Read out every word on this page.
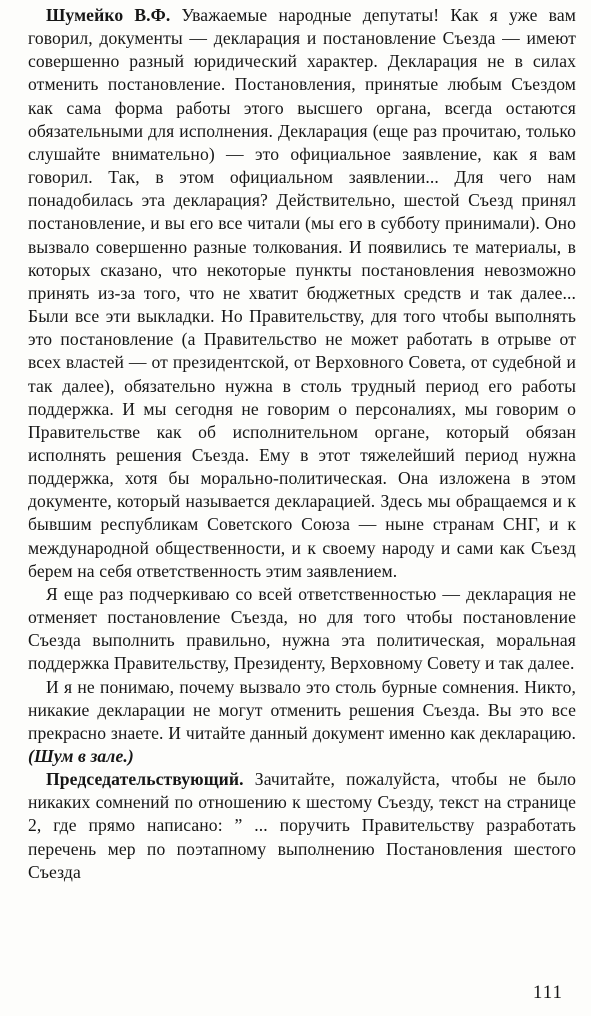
Шумейко В.Ф. Уважаемые народные депутаты! Как я уже вам говорил, документы — декларация и постановление Съезда — имеют совершенно разный юридический характер. Декларация не в силах отменить постановление. Постановления, принятые любым Съездом как сама форма работы этого высшего органа, всегда остаются обязательными для исполнения. Декларация (еще раз прочитаю, только слушайте внимательно) — это официальное заявление, как я вам говорил. Так, в этом официальном заявлении... Для чего нам понадобилась эта декларация? Действительно, шестой Съезд принял постановление, и вы его все читали (мы его в субботу принимали). Оно вызвало совершенно разные толкования. И появились те материалы, в которых сказано, что некоторые пункты постановления невозможно принять из-за того, что не хватит бюджетных средств и так далее... Были все эти выкладки. Но Правительству, для того чтобы выполнять это постановление (а Правительство не может работать в отрыве от всех властей — от президентской, от Верховного Совета, от судебной и так далее), обязательно нужна в столь трудный период его работы поддержка. И мы сегодня не говорим о персоналиях, мы говорим о Правительстве как об исполнительном органе, который обязан исполнять решения Съезда. Ему в этот тяжелейший период нужна поддержка, хотя бы морально-политическая. Она изложена в этом документе, который называется декларацией. Здесь мы обращаемся и к бывшим республикам Советского Союза — ныне странам СНГ, и к международной общественности, и к своему народу и сами как Съезд берем на себя ответственность этим заявлением.

Я еще раз подчеркиваю со всей ответственностью — декларация не отменяет постановление Съезда, но для того чтобы постановление Съезда выполнить правильно, нужна эта политическая, моральная поддержка Правительству, Президенту, Верховному Совету и так далее.

И я не понимаю, почему вызвало это столь бурные сомнения. Никто, никакие декларации не могут отменить решения Съезда. Вы это все прекрасно знаете. И читайте данный документ именно как декларацию. (Шум в зале.)

Председательствующий. Зачитайте, пожалуйста, чтобы не было никаких сомнений по отношению к шестому Съезду, текст на странице 2, где прямо написано: ” ... поручить Правительству разработать перечень мер по поэтапному выполнению Постановления шестого Съезда

111
